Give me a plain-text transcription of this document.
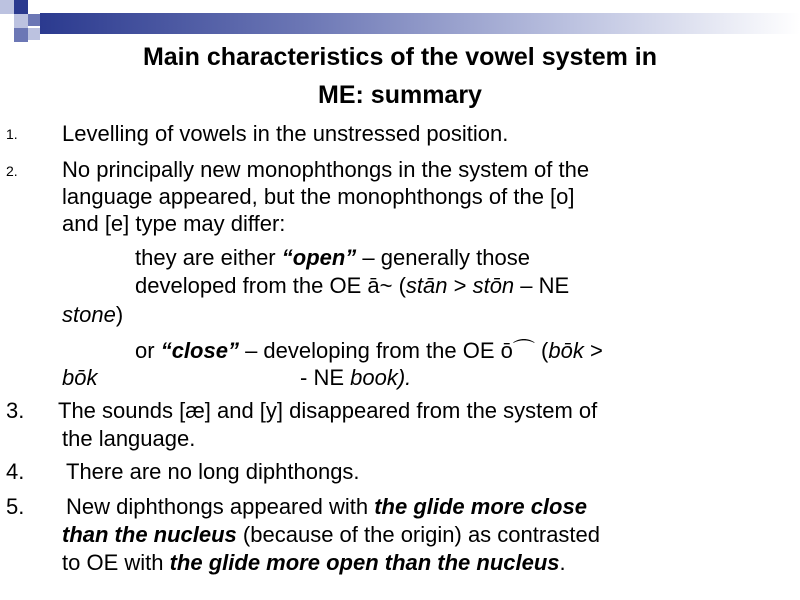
Main characteristics of the vowel system in
ME: summary
1. Levelling of vowels in the unstressed position.
2. No principally new monophthongs in the system of the
language appeared, but the monophthongs of the [o]
and [e] type may differ:
they are either “open” – generally those
developed from the OE ā~ (stān > stōn – NE
stone)
or “close” – developing from the OE ō⌒ (bōk >
bōk	- NE book).
3. The sounds [æ] and [y] disappeared from the system of
the language.
4. There are no long diphthongs.
5. New diphthongs appeared with the glide more close
than the nucleus (because of the origin) as contrasted
to OE with the glide more open than the nucleus.
